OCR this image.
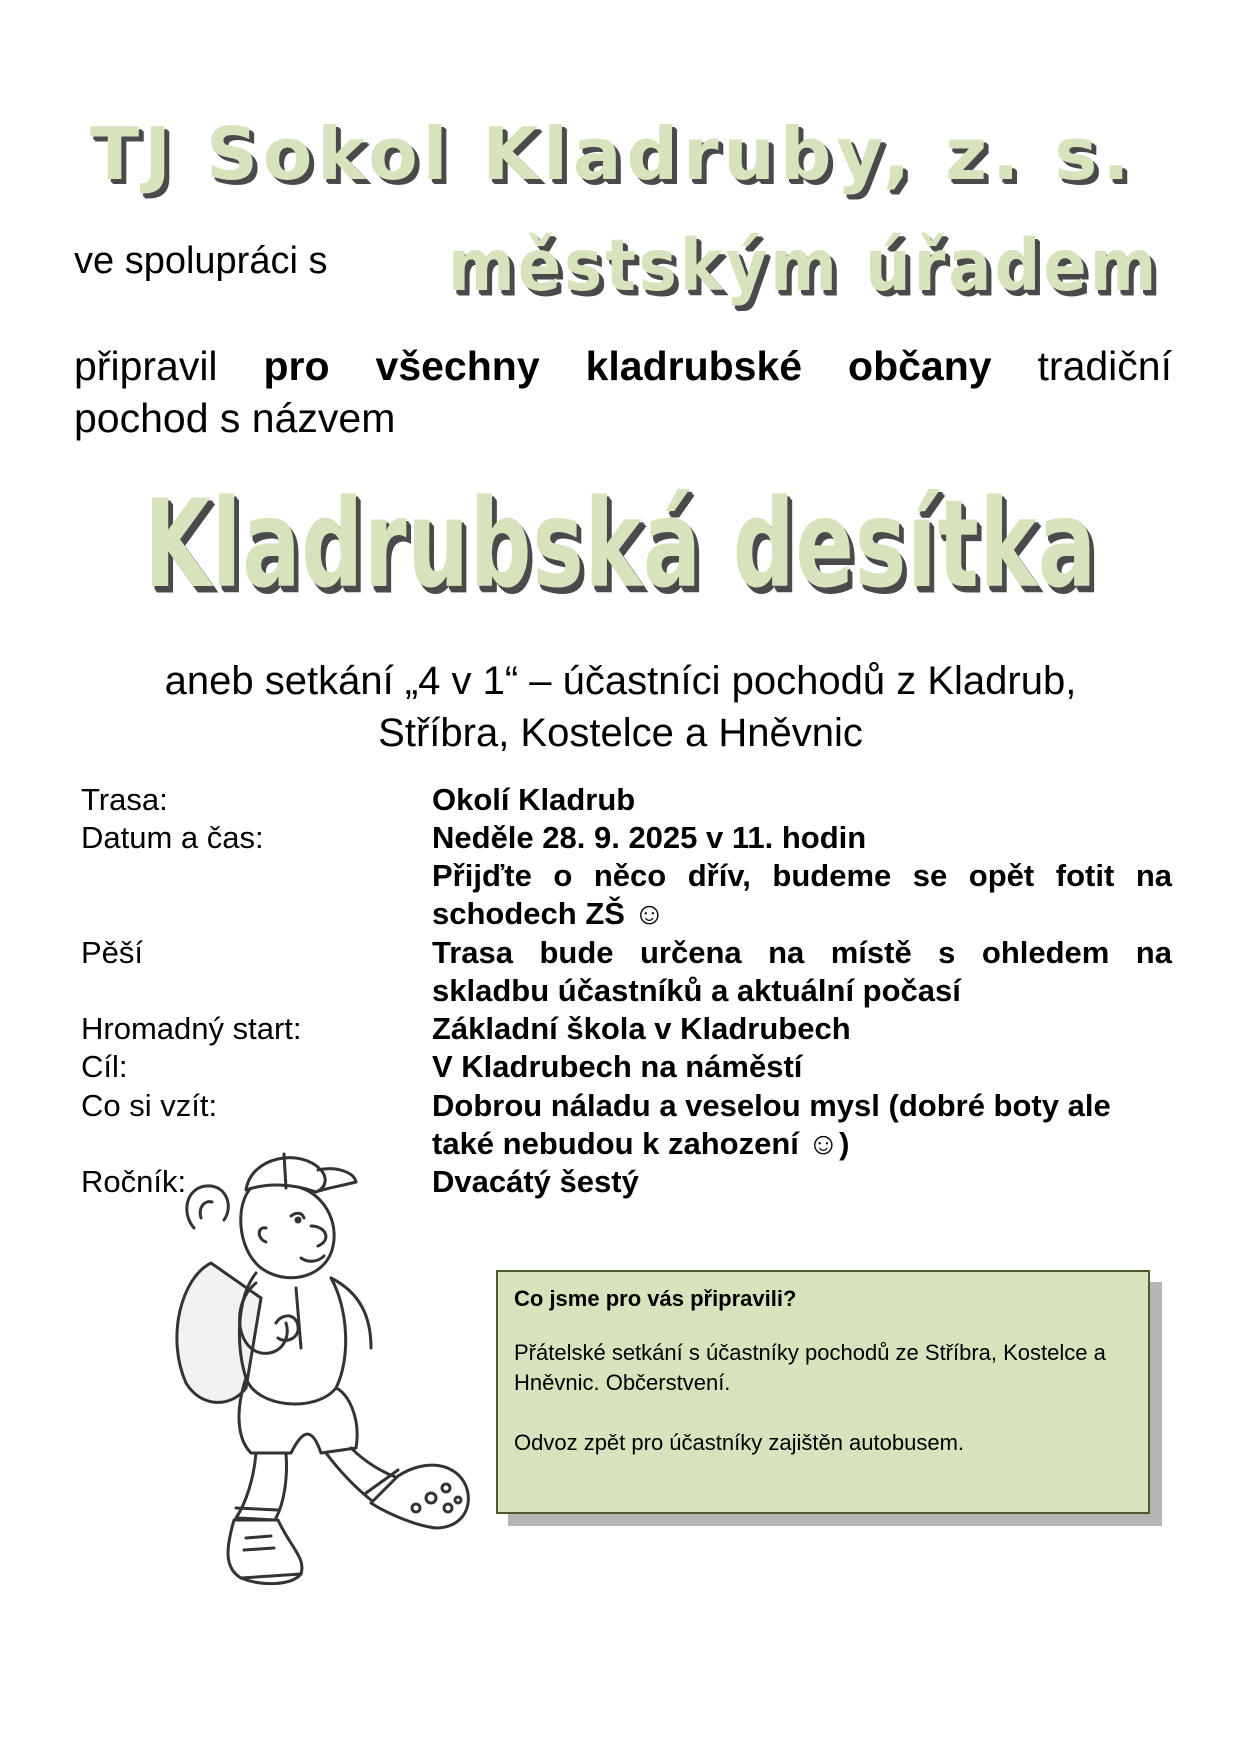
TJ Sokol Kladruby, z. s.
ve spolupráci s městským úřadem
připravil pro všechny kladrubské občany tradiční
pochod s názvem
Kladrubská desítka
aneb setkání „4 v 1“ – účastníci pochodů z Kladrub,
Stříbra, Kostelce a Hněvnic
Trasa:	Okolí Kladrub
Datum a čas:	Neděle 28. 9. 2025 v 11. hodin
Přijďte o něco dřív, budeme se opět fotit na schodech ZŠ ☺
Pěší	Trasa bude určena na místě s ohledem na skladbu účastníků a aktuální počasí
Hromadný start:	Základní škola v Kladrubech
Cíl:	V Kladrubech na náměstí
Co si vzít:	Dobrou náladu a veselou mysl (dobré boty ale také nebudou k zahození ☺)
Ročník:	Dvacátý šestý
Co jsme pro vás připravili?
Přátelské setkání s účastníky pochodů ze Stříbra, Kostelce a Hněvnic. Občerstvení.
Odvoz zpět pro účastníky zajištěn autobusem.
